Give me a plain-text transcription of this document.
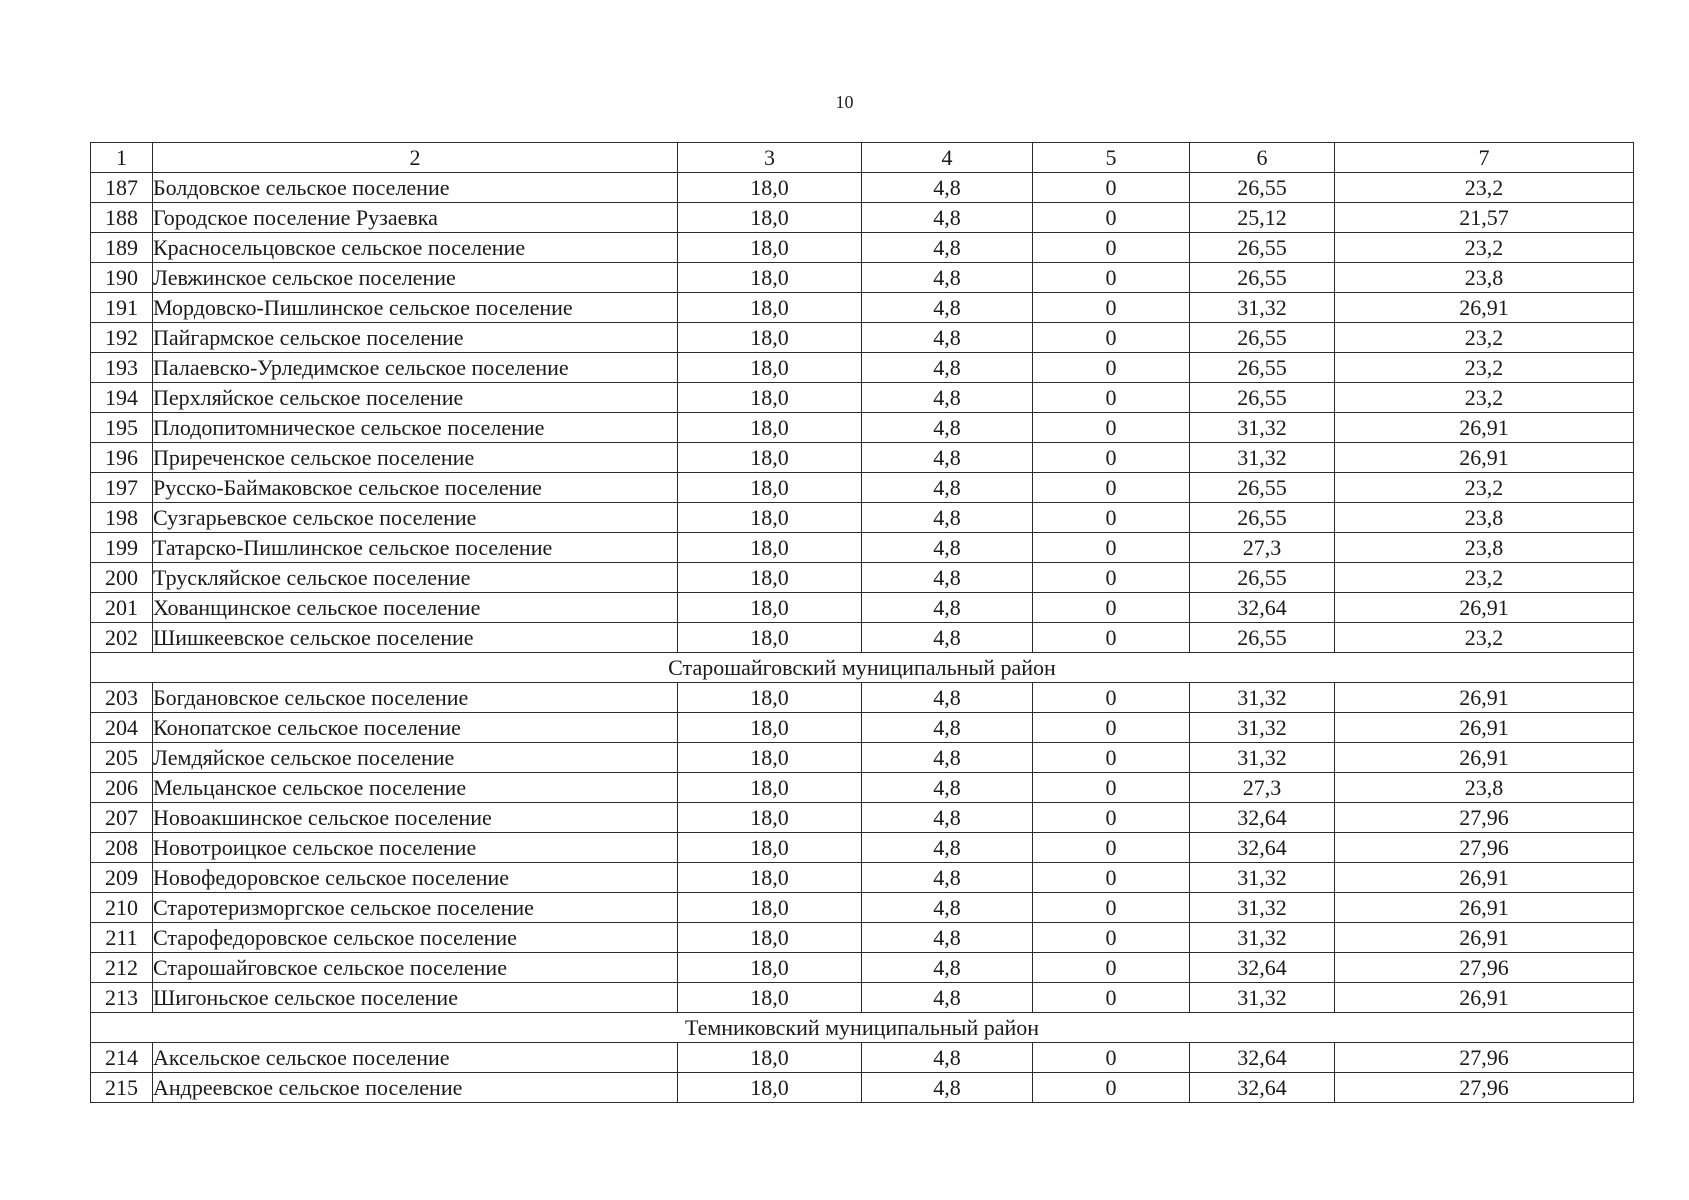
10
1	2	3	4	5	6	7
187	Болдовское сельское поселение	18,0	4,8	0	26,55	23,2
188	Городское поселение Рузаевка	18,0	4,8	0	25,12	21,57
189	Красносельцовское сельское поселение	18,0	4,8	0	26,55	23,2
190	Левжинское сельское поселение	18,0	4,8	0	26,55	23,8
191	Мордовско-Пишлинское сельское поселение	18,0	4,8	0	31,32	26,91
192	Пайгармское сельское поселение	18,0	4,8	0	26,55	23,2
193	Палаевско-Урледимское сельское поселение	18,0	4,8	0	26,55	23,2
194	Перхляйское сельское поселение	18,0	4,8	0	26,55	23,2
195	Плодопитомническое сельское поселение	18,0	4,8	0	31,32	26,91
196	Приреченское сельское поселение	18,0	4,8	0	31,32	26,91
197	Русско-Баймаковское сельское поселение	18,0	4,8	0	26,55	23,2
198	Сузгарьевское сельское поселение	18,0	4,8	0	26,55	23,8
199	Татарско-Пишлинское сельское поселение	18,0	4,8	0	27,3	23,8
200	Трускляйское сельское поселение	18,0	4,8	0	26,55	23,2
201	Хованщинское сельское поселение	18,0	4,8	0	32,64	26,91
202	Шишкеевское сельское поселение	18,0	4,8	0	26,55	23,2
Старошайговский муниципальный район						
203	Богдановское сельское поселение	18,0	4,8	0	31,32	26,91
204	Конопатское сельское поселение	18,0	4,8	0	31,32	26,91
205	Лемдяйское сельское поселение	18,0	4,8	0	31,32	26,91
206	Мельцанское сельское поселение	18,0	4,8	0	27,3	23,8
207	Новоакшинское сельское поселение	18,0	4,8	0	32,64	27,96
208	Новотроицкое сельское поселение	18,0	4,8	0	32,64	27,96
209	Новофедоровское сельское поселение	18,0	4,8	0	31,32	26,91
210	Старотеризморгское сельское поселение	18,0	4,8	0	31,32	26,91
211	Старофедоровское сельское поселение	18,0	4,8	0	31,32	26,91
212	Старошайговское сельское поселение	18,0	4,8	0	32,64	27,96
213	Шигоньское сельское поселение	18,0	4,8	0	31,32	26,91
Темниковский муниципальный район						
214	Аксельское сельское поселение	18,0	4,8	0	32,64	27,96
215	Андреевское сельское поселение	18,0	4,8	0	32,64	27,96
